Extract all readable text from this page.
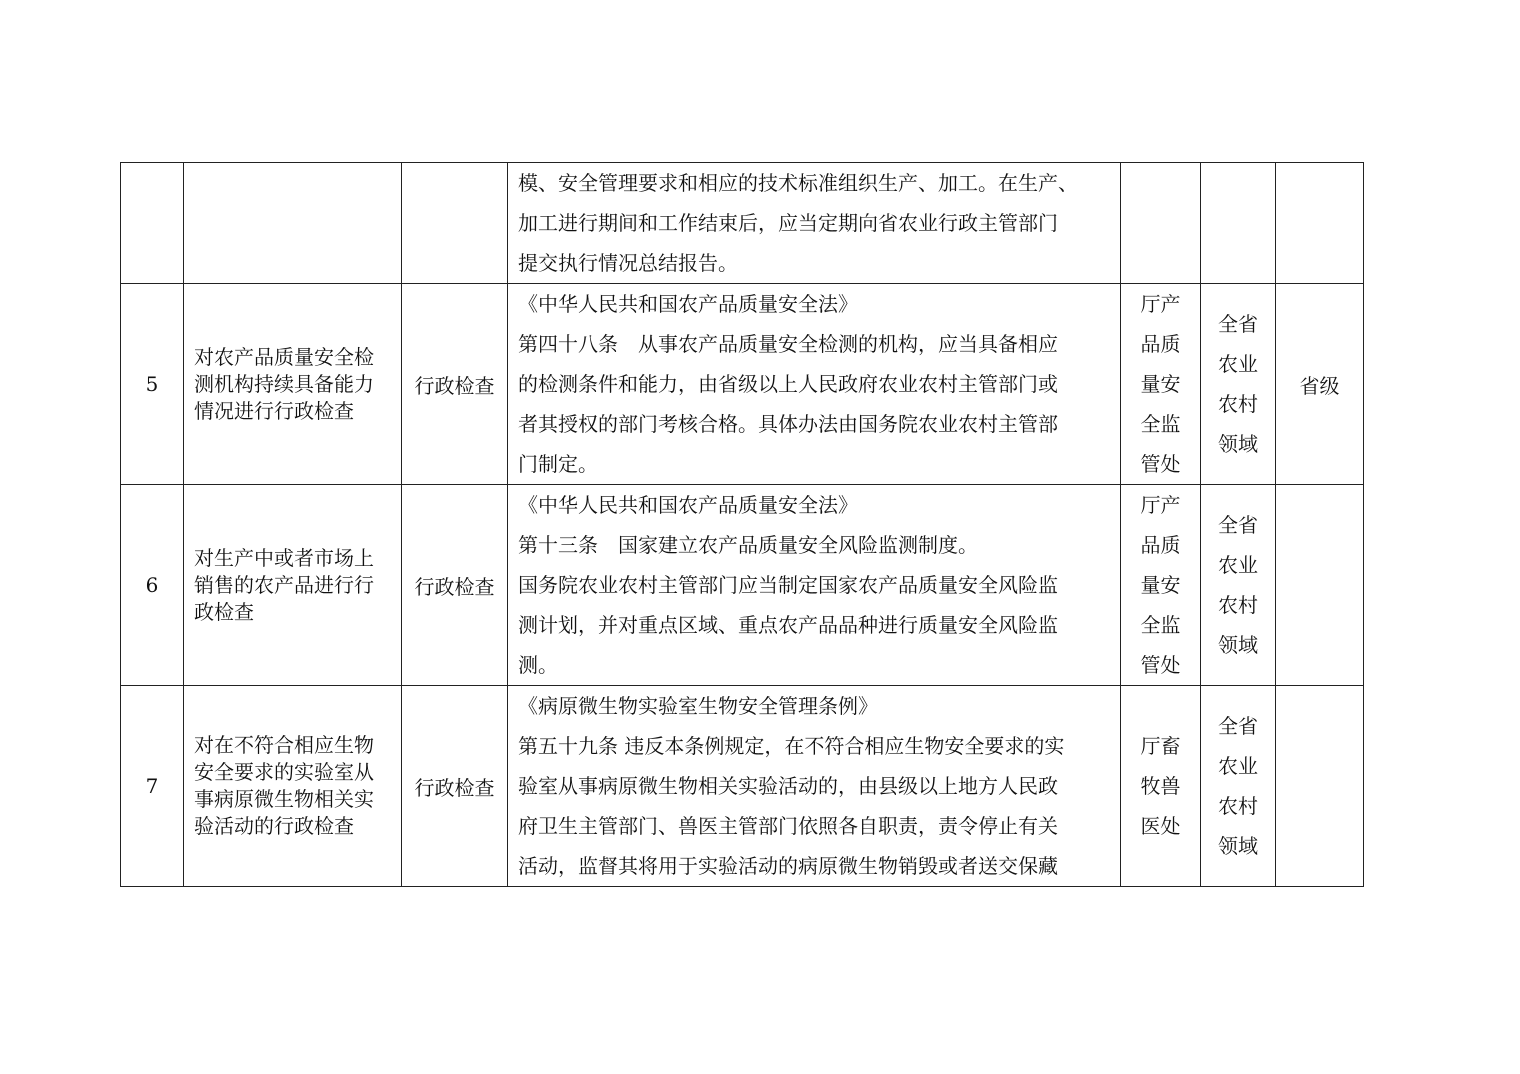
			模、安全管理要求和相应的技术标准组织生产、加工。在生产、
加工进行期间和工作结束后，应当定期向省农业行政主管部门
提交执行情况总结报告。			

5	对农产品质量安全检测机构持续具备能力情况进行行政检查	行政检查	《中华人民共和国农产品质量安全法》
第四十八条　从事农产品质量安全检测的机构，应当具备相应
的检测条件和能力，由省级以上人民政府农业农村主管部门或
者其授权的部门考核合格。具体办法由国务院农业农村主管部
门制定。	厅产
品质
量安
全监
管处	全省
农业
农村
领域	省级
6	对生产中或者市场上销售的农产品进行行政检查	行政检查	《中华人民共和国农产品质量安全法》
第十三条　国家建立农产品质量安全风险监测制度。
国务院农业农村主管部门应当制定国家农产品质量安全风险监
测计划，并对重点区域、重点农产品品种进行质量安全风险监
测。	厅产
品质
量安
全监
管处	全省
农业
农村
领域	

7	对在不符合相应生物安全要求的实验室从事病原微生物相关实验活动的行政检查	行政检查	《病原微生物实验室生物安全管理条例》
第五十九条 违反本条例规定，在不符合相应生物安全要求的实
验室从事病原微生物相关实验活动的，由县级以上地方人民政
府卫生主管部门、兽医主管部门依照各自职责，责令停止有关
活动，监督其将用于实验活动的病原微生物销毁或者送交保藏	厅畜
牧兽
医处	全省
农业
农村
领域	
